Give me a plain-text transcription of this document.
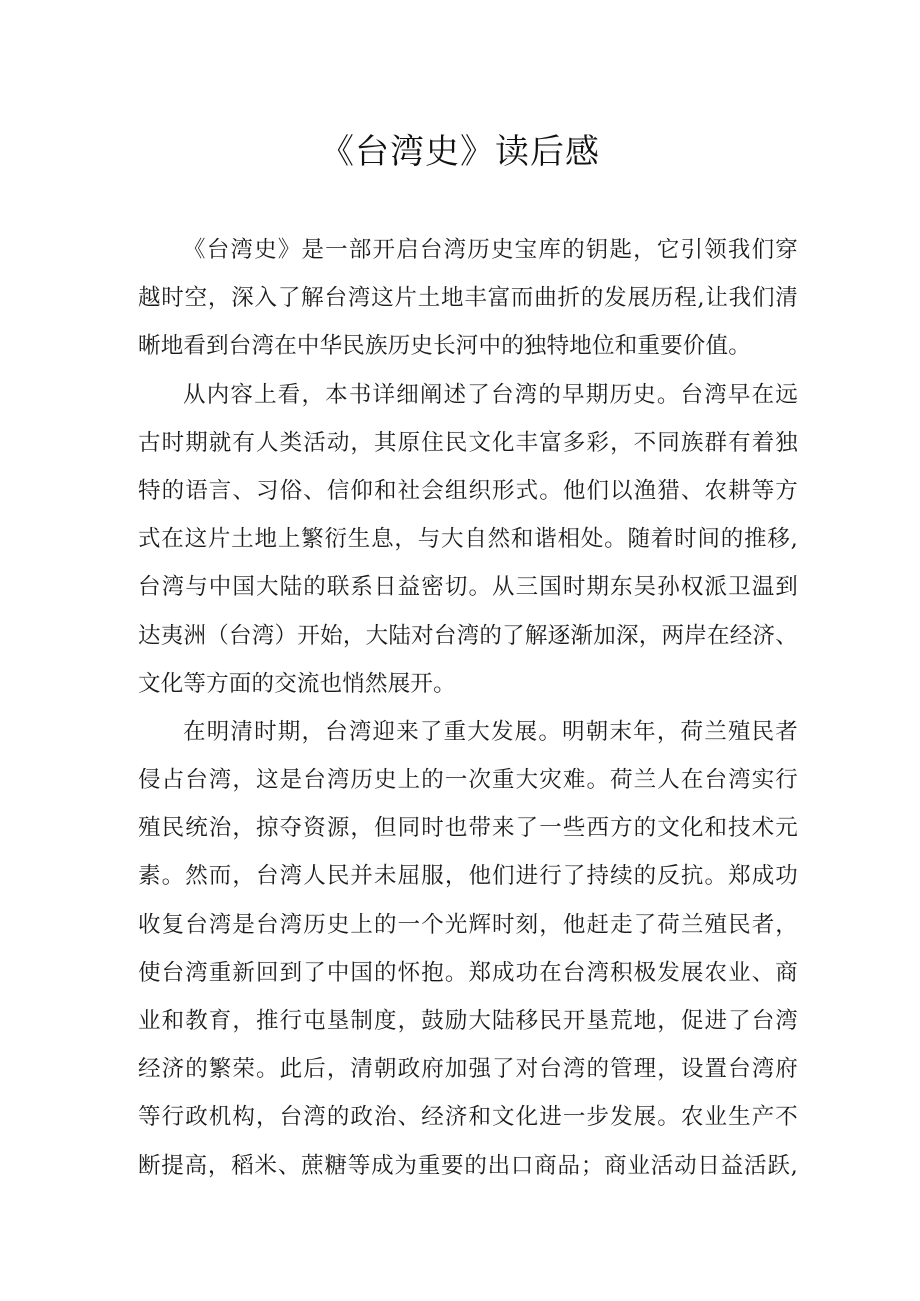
《台湾史》读后感
《台湾史》是一部开启台湾历史宝库的钥匙，它引领我们穿
越时空，深入了解台湾这片土地丰富而曲折的发展历程,让我们清
晰地看到台湾在中华民族历史长河中的独特地位和重要价值。
从内容上看，本书详细阐述了台湾的早期历史。台湾早在远
古时期就有人类活动，其原住民文化丰富多彩，不同族群有着独
特的语言、习俗、信仰和社会组织形式。他们以渔猎、农耕等方
式在这片土地上繁衍生息，与大自然和谐相处。随着时间的推移,
台湾与中国大陆的联系日益密切。从三国时期东吴孙权派卫温到
达夷洲（台湾）开始，大陆对台湾的了解逐渐加深，两岸在经济、
文化等方面的交流也悄然展开。
在明清时期，台湾迎来了重大发展。明朝末年，荷兰殖民者
侵占台湾，这是台湾历史上的一次重大灾难。荷兰人在台湾实行
殖民统治，掠夺资源，但同时也带来了一些西方的文化和技术元
素。然而，台湾人民并未屈服，他们进行了持续的反抗。郑成功
收复台湾是台湾历史上的一个光辉时刻，他赶走了荷兰殖民者，
使台湾重新回到了中国的怀抱。郑成功在台湾积极发展农业、商
业和教育，推行屯垦制度，鼓励大陆移民开垦荒地，促进了台湾
经济的繁荣。此后，清朝政府加强了对台湾的管理，设置台湾府
等行政机构，台湾的政治、经济和文化进一步发展。农业生产不
断提高，稻米、蔗糖等成为重要的出口商品；商业活动日益活跃,
